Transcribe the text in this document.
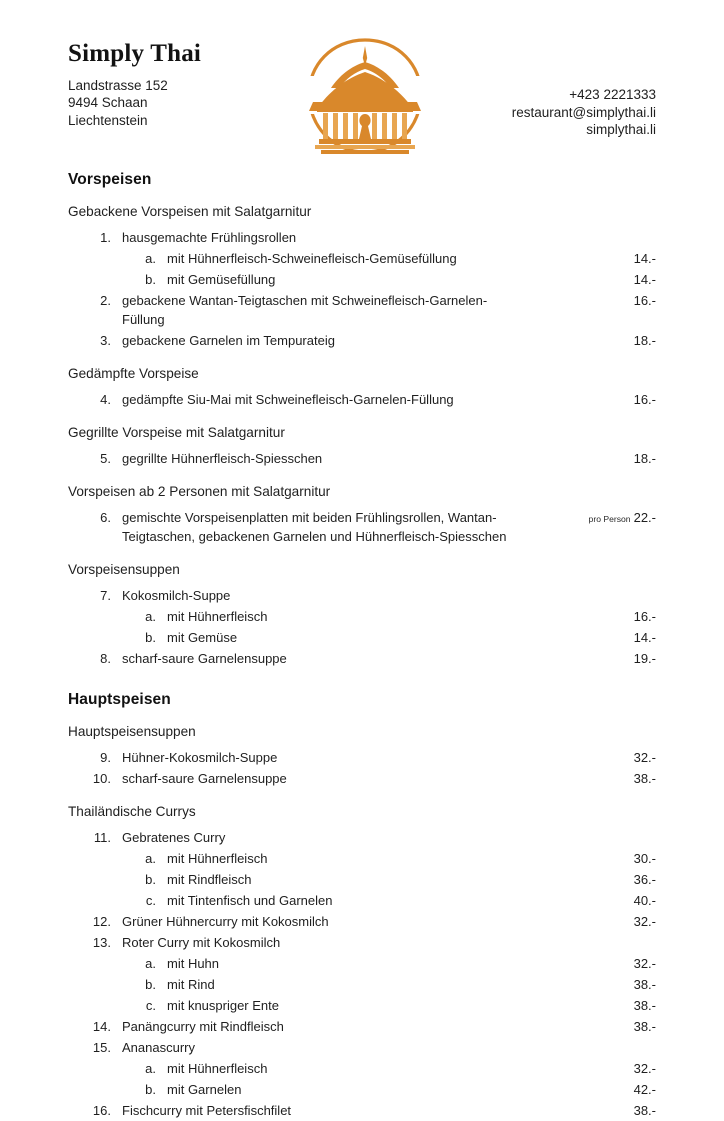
Simply Thai
Landstrasse 152
9494 Schaan
Liechtenstein
+423 2221333
restaurant@simplythai.li
simplythai.li
Vorspeisen
Gebackene Vorspeisen mit Salatgarnitur
1. hausgemachte Frühlingsrollen
a. mit Hühnerfleisch-Schweinefleisch-Gemüsefüllung	14.-
b. mit Gemüsefüllung	14.-
2. gebackene Wantan-Teigtaschen mit Schweinefleisch-Garnelen-Füllung
16.-
3. gebackene Garnelen im Tempurateig	18.-
Gedämpfte Vorspeise
4. gedämpfte Siu-Mai mit Schweinefleisch-Garnelen-Füllung	16.-
Gegrillte Vorspeise mit Salatgarnitur
5. gegrillte Hühnerfleisch-Spiesschen	18.-
Vorspeisen ab 2 Personen mit Salatgarnitur
6. gemischte Vorspeisenplatten mit beiden Frühlingsrollen, Wantan-Teigtaschen, gebackenen Garnelen und Hühnerfleisch-Spiesschen
pro Person 22.-
Vorspeisensuppen
7. Kokosmilch-Suppe
a. mit Hühnerfleisch	16.-
b. mit Gemüse	14.-
8. scharf-saure Garnelensuppe	19.-
Hauptspeisen
Hauptspeisensuppen
9. Hühner-Kokosmilch-Suppe	32.-
10. scharf-saure Garnelensuppe	38.-
Thailändische Currys
11. Gebratenes Curry
a. mit Hühnerfleisch	30.-
b. mit Rindfleisch	36.-
c. mit Tintenfisch und Garnelen	40.-
12. Grüner Hühnercurry mit Kokosmilch	32.-
13. Roter Curry mit Kokosmilch
a. mit Huhn	32.-
b. mit Rind	38.-
c. mit knuspriger Ente	38.-
14. Panängcurry mit Rindfleisch	38.-
15. Ananascurry
a. mit Hühnerfleisch	32.-
b. mit Garnelen	42.-
16. Fischcurry mit Petersfischfilet	38.-
